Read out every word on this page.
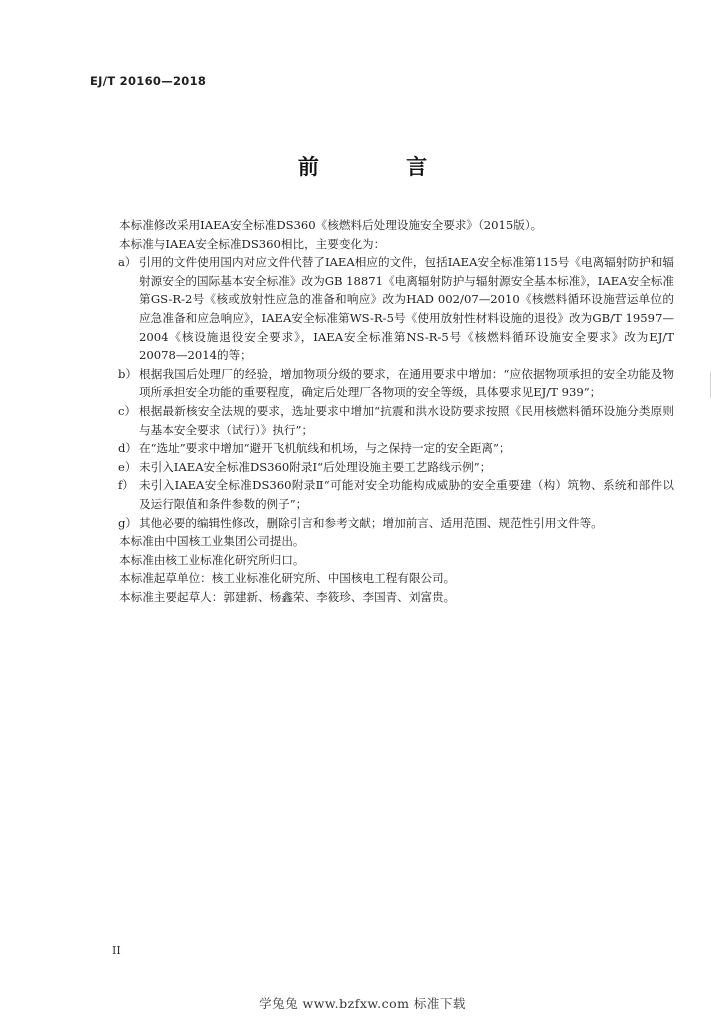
EJ/T 20160—2018
前 言

本标准修改采用IAEA安全标准DS360《核燃料后处理设施安全要求》（2015版）。

本标准与IAEA安全标准DS360相比，主要变化为：

a） 引用的文件使用国内对应文件代替了IAEA相应的文件，包括IAEA安全标准第115号《电离辐射防护和辐射源安全的国际基本安全标准》改为GB 18871《电离辐射防护与辐射源安全基本标准》，IAEA安全标准第GS-R-2号《核或放射性应急的准备和响应》改为HAD 002/07—2010《核燃料循环设施营运单位的应急准备和应急响应》，IAEA安全标准第WS-R-5号《使用放射性材料设施的退役》改为GB/T 19597—2004《核设施退役安全要求》，IAEA安全标准第NS-R-5号《核燃料循环设施安全要求》改为EJ/T 20078—2014的等；
b） 根据我国后处理厂的经验，增加物项分级的要求，在通用要求中增加：“应依据物项承担的安全功能及物项所承担安全功能的重要程度，确定后处理厂各物项的安全等级，具体要求见EJ/T 939”；
c） 根据最新核安全法规的要求，选址要求中增加“抗震和洪水设防要求按照《民用核燃料循环设施分类原则与基本安全要求（试行）》执行”；
d） 在“选址”要求中增加“避开飞机航线和机场，与之保持一定的安全距离”；
e） 未引入IAEA安全标准DS360附录Ⅰ“后处理设施主要工艺路线示例”；
f） 未引入IAEA安全标准DS360附录Ⅱ“可能对安全功能构成威胁的安全重要建（构）筑物、系统和部件以及运行限值和条件参数的例子”；
g） 其他必要的编辑性修改，删除引言和参考文献；增加前言、适用范围、规范性引用文件等。

本标准由中国核工业集团公司提出。

本标准由核工业标准化研究所归口。

本标准起草单位：核工业标准化研究所、中国核电工程有限公司。

本标准主要起草人：郭建新、杨鑫荣、李筱珍、李国青、刘富贵。

II
学兔兔 www.bzfxw.com 标准下载
